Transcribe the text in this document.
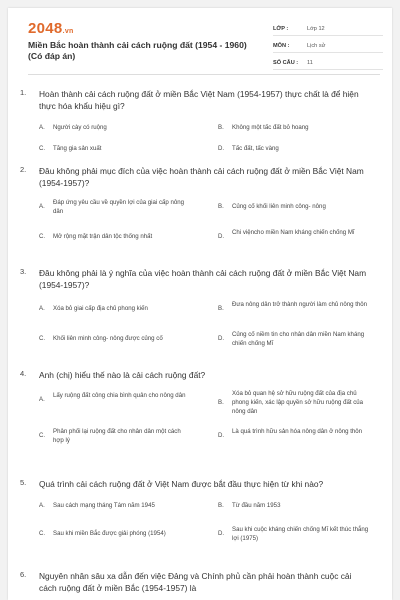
2048.vn
Miền Bắc hoàn thành cải cách ruộng đất (1954 - 1960) (Có đáp án)
LỚP :	Lớp 12
MÔN :	Lịch sử
SỐ CÂU :	11
1. Hoàn thành cải cách ruộng đất ở miền Bắc Việt Nam (1954-1957) thực chất là để hiện thực hóa khẩu hiệu gì?
A.	Người cày có ruộng	B.	Không một tấc đất bỏ hoang
C.	Tăng gia sản xuất	D.	Tấc đất, tấc vàng
2. Đâu không phải mục đích của việc hoàn thành cải cách ruộng đất ở miền Bắc Việt Nam (1954-1957)?
A.
Đáp ứng yêu cầu về quyền lợi của giai cấp nông dân
B.	Củng cố khối liên minh công- nông
C.	Mở rộng mặt trận dân tộc thống nhất	D.
Chi việncho miền Nam kháng chiến chống Mĩ
3. Đâu không phải là ý nghĩa của việc hoàn thành cải cách ruộng đất ở miền Bắc Việt Nam (1954-1957)?
A.	Xóa bỏ giai cấp địa chủ phong kiến	B.
Đưa nông dân trở thành người làm chủ nông thôn
C.	Khối liên minh công- nông được củng cố	D.
Củng cố niềm tin cho nhân dân miền Nam kháng chiến chống Mĩ
4. Anh (chị) hiểu thế nào là cải cách ruộng đất?
A.
Lấy ruộng đất công chia bình quân cho nông dân
B.
Xóa bỏ quan hệ sở hữu ruộng đất của địa chủ phong kiến, xác lập quyền sở hữu ruộng đất của nông dân
C.
Phân phối lại ruộng đất cho nhân dân một cách hợp lý
D.
Là quá trình hữu sản hóa nông dân ở nông thôn
5. Quá trình cải cách ruộng đất ở Việt Nam được bắt đầu thực hiện từ khi nào?
A.	Sau cách mạng tháng Tám năm 1945	B.	Từ đầu năm 1953
C.	Sau khi miền Bắc được giải phóng (1954)	D.
Sau khi cuộc kháng chiến chống Mĩ kết thúc thắng lợi (1975)
6. Nguyên nhân sâu xa dẫn đến việc Đảng và Chính phủ cần phải hoàn thành cuộc cải cách ruộng đất ở miền Bắc (1954-1957) là
